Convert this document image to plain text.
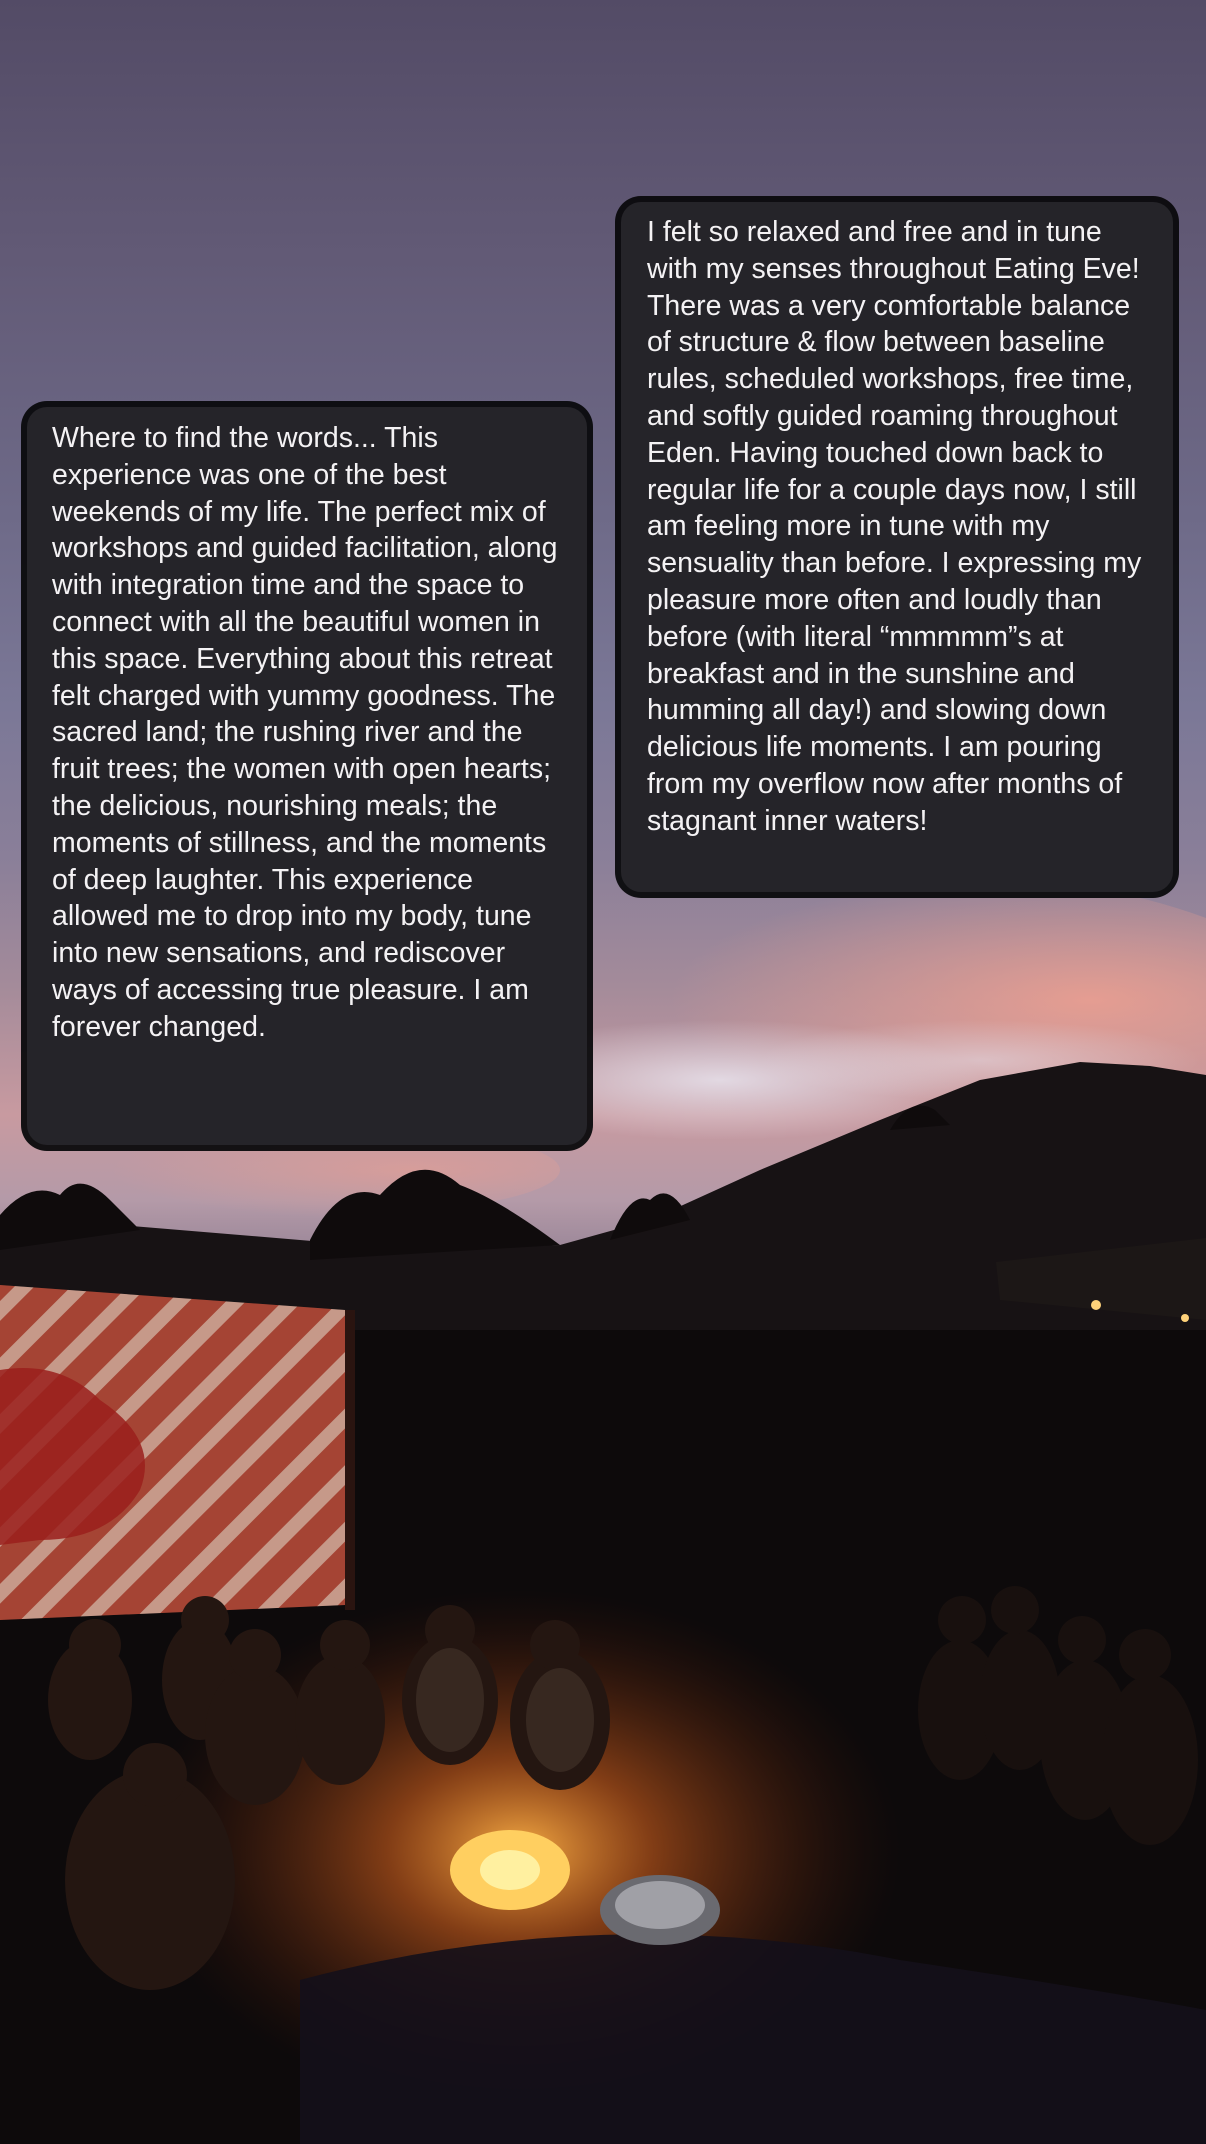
Where to find the words... This experience was one of the best weekends of my life. The perfect mix of workshops and guided facilitation, along with integration time and the space to connect with all the beautiful women in this space. Everything about this retreat felt charged with yummy goodness. The sacred land; the rushing river and the fruit trees; the women with open hearts; the delicious, nourishing meals; the moments of stillness, and the moments of deep laughter. This experience allowed me to drop into my body, tune into new sensations, and rediscover ways of accessing true pleasure. I am forever changed.

I felt so relaxed and free and in tune with my senses throughout Eating Eve! There was a very comfortable balance of structure & flow between baseline rules, scheduled workshops, free time, and softly guided roaming throughout Eden. Having touched down back to regular life for a couple days now, I still am feeling more in tune with my sensuality than before. I expressing my pleasure more often and loudly than before (with literal “mmmmm”s at breakfast and in the sunshine and humming all day!) and slowing down delicious life moments. I am pouring from my overflow now after months of stagnant inner waters!
